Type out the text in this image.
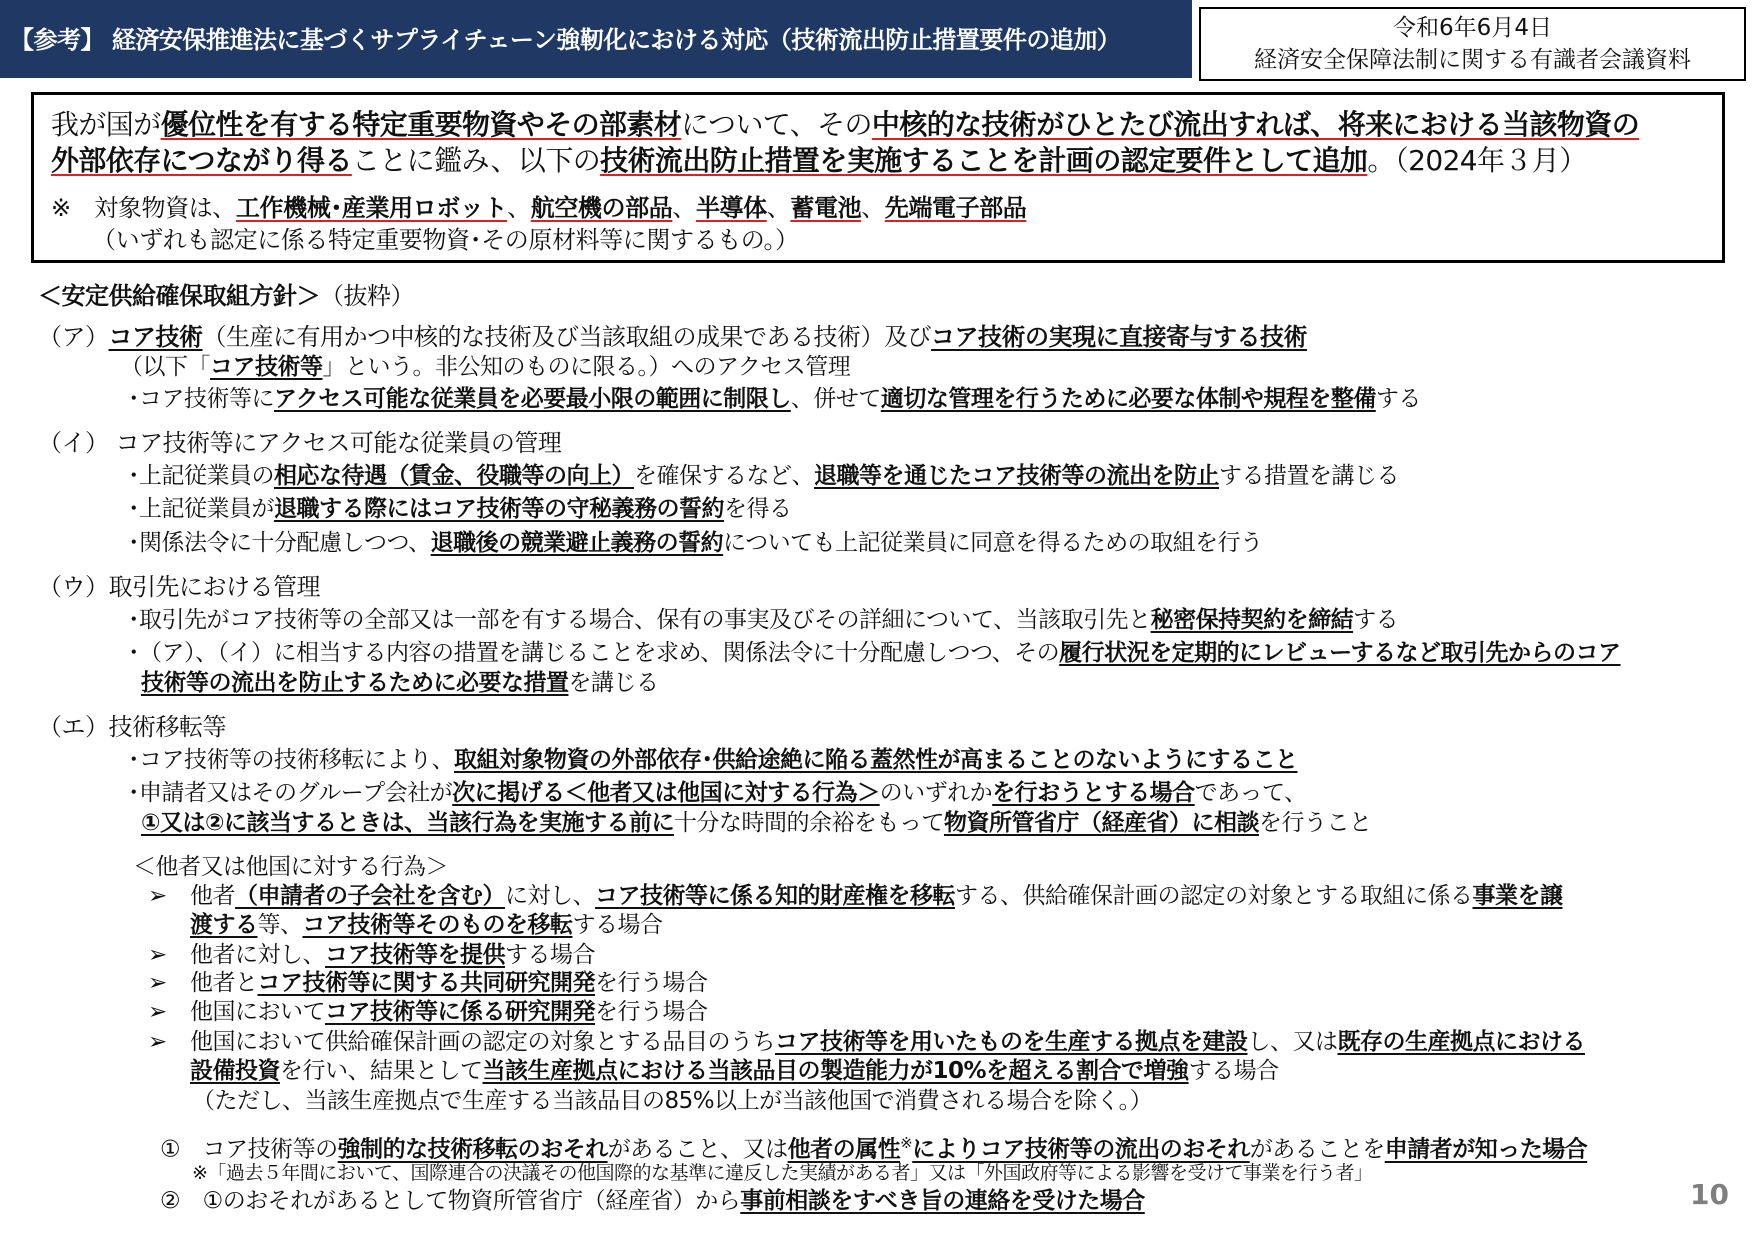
【参考】 経済安保推進法に基づくサプライチェーン強靭化における対応（技術流出防止措置要件の追加）	令和6年6月4日
経済安全保障法制に関する有識者会議資料
我が国が優位性を有する特定重要物資やその部素材について、その中核的な技術がひとたび流出すれば、将来における当該物資の
外部依存につながり得ることに鑑み、以下の技術流出防止措置を実施することを計画の認定要件として追加。（2024年３月）
※　対象物資は、工作機械･産業用ロボット、航空機の部品、半導体、蓄電池、先端電子部品
（いずれも認定に係る特定重要物資･その原材料等に関するもの。）
＜安定供給確保取組方針＞（抜粋）
（ア）コア技術（生産に有用かつ中核的な技術及び当該取組の成果である技術）及びコア技術の実現に直接寄与する技術
（以下「コア技術等」という。非公知のものに限る。）へのアクセス管理
･コア技術等にアクセス可能な従業員を必要最小限の範囲に制限し、併せて適切な管理を行うために必要な体制や規程を整備する
（イ） コア技術等にアクセス可能な従業員の管理
･上記従業員の相応な待遇（賃金、役職等の向上）を確保するなど、退職等を通じたコア技術等の流出を防止する措置を講じる
･上記従業員が退職する際にはコア技術等の守秘義務の誓約を得る
･関係法令に十分配慮しつつ、退職後の競業避止義務の誓約についても上記従業員に同意を得るための取組を行う
（ウ）取引先における管理
･取引先がコア技術等の全部又は一部を有する場合、保有の事実及びその詳細について、当該取引先と秘密保持契約を締結する
･（ア）、（イ）に相当する内容の措置を講じることを求め、関係法令に十分配慮しつつ、その履行状況を定期的にレビューするなど取引先からのコア
技術等の流出を防止するために必要な措置を講じる
（エ）技術移転等
･コア技術等の技術移転により、取組対象物資の外部依存･供給途絶に陥る蓋然性が高まることのないようにすること
･申請者又はそのグループ会社が次に掲げる＜他者又は他国に対する行為＞のいずれかを行おうとする場合であって、
①又は②に該当するときは、当該行為を実施する前に十分な時間的余裕をもって物資所管省庁（経産省）に相談を行うこと
＜他者又は他国に対する行為＞
➢ 他者（申請者の子会社を含む）に対し、コア技術等に係る知的財産権を移転する、供給確保計画の認定の対象とする取組に係る事業を譲
渡する等、コア技術等そのものを移転する場合
➢ 他者に対し、コア技術等を提供する場合
➢ 他者とコア技術等に関する共同研究開発を行う場合
➢ 他国においてコア技術等に係る研究開発を行う場合
➢ 他国において供給確保計画の認定の対象とする品目のうちコア技術等を用いたものを生産する拠点を建設し、又は既存の生産拠点における
設備投資を行い、結果として当該生産拠点における当該品目の製造能力が10%を超える割合で増強する場合
（ただし、当該生産拠点で生産する当該品目の85%以上が当該他国で消費される場合を除く。）
①　コア技術等の強制的な技術移転のおそれがあること、又は他者の属性※によりコア技術等の流出のおそれがあることを申請者が知った場合
※「過去５年間において、国際連合の決議その他国際的な基準に違反した実績がある者」又は「外国政府等による影響を受けて事業を行う者」
②　①のおそれがあるとして物資所管省庁（経産省）から事前相談をすべき旨の連絡を受けた場合	10
